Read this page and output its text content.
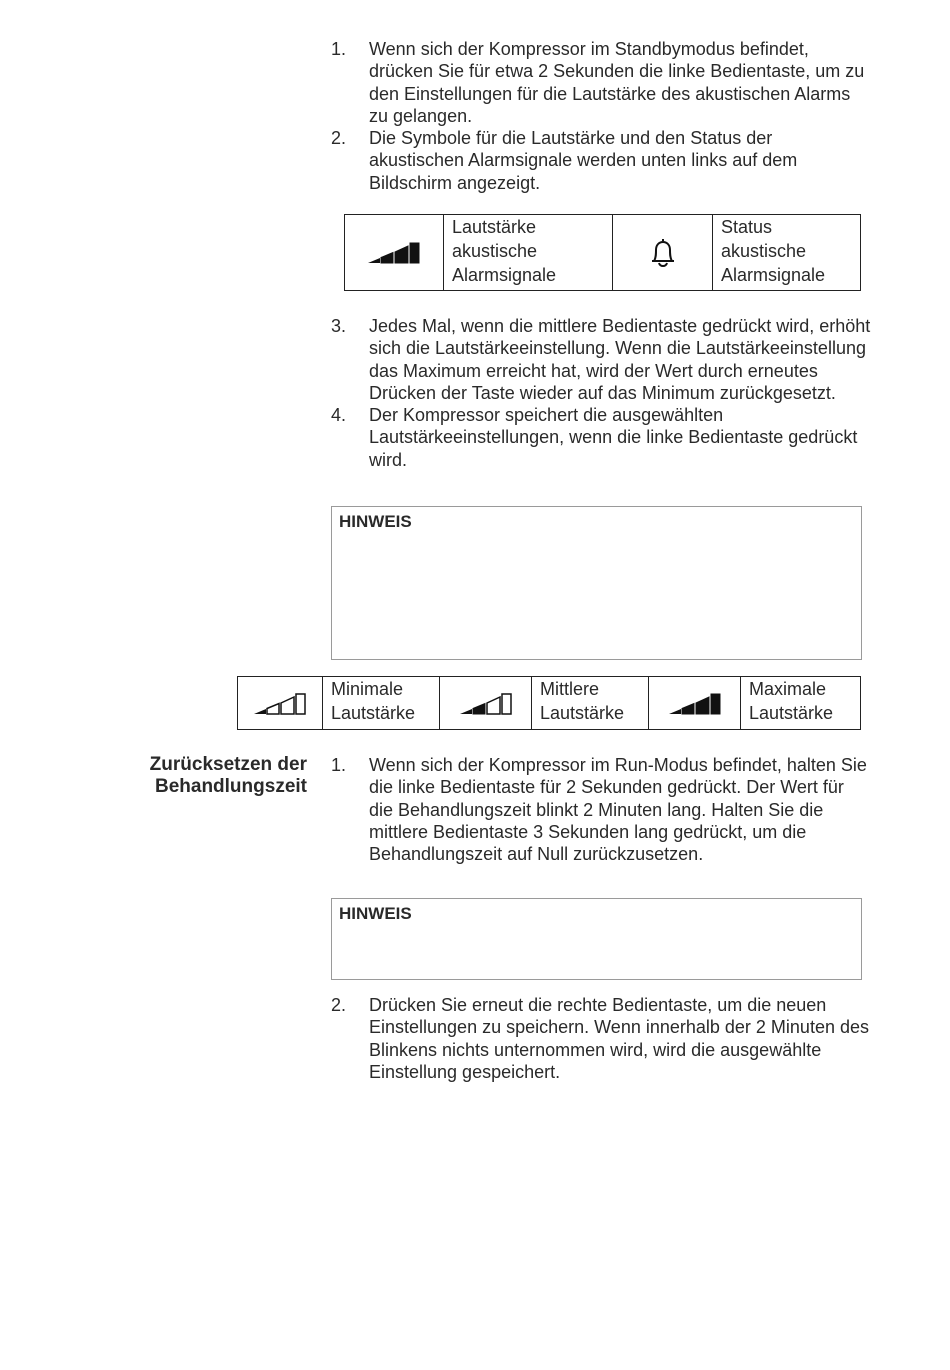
1.	Wenn sich der Kompressor im Standbymodus befindet, drücken Sie für etwa 2 Sekunden die linke Bedientaste, um zu den Einstellungen für die Lautstärke des akustischen Alarms zu gelangen.
2.	Die Symbole für die Lautstärke und den Status der akustischen Alarmsignale werden unten links auf dem Bildschirm angezeigt.
	Lautstärke akustische Alarmsignale		Status akustische Alarmsignale
3.	Jedes Mal, wenn die mittlere Bedientaste gedrückt wird, erhöht sich die Lautstärkeeinstellung. Wenn die Lautstärkeeinstellung das Maximum erreicht hat, wird der Wert durch erneutes Drücken der Taste wieder auf das Minimum zurückgesetzt.
4.	Der Kompressor speichert die ausgewählten Lautstärkeeinstellungen, wenn die linke Bedientaste gedrückt wird.
HINWEIS
	Minimale Lautstärke		Mittlere Lautstärke		Maximale Lautstärke
Zurücksetzen der
Behandlungszeit
1.	Wenn sich der Kompressor im Run-Modus befindet, halten Sie die linke Bedientaste für 2 Sekunden gedrückt. Der Wert für die Behandlungszeit blinkt 2 Minuten lang. Halten Sie die mittlere Bedientaste 3 Sekunden lang gedrückt, um die Behandlungszeit auf Null zurückzusetzen.
HINWEIS
2.	Drücken Sie erneut die rechte Bedientaste, um die neuen Einstellungen zu speichern. Wenn innerhalb der 2 Minuten des Blinkens nichts unternommen wird, wird die ausgewählte Einstellung gespeichert.
